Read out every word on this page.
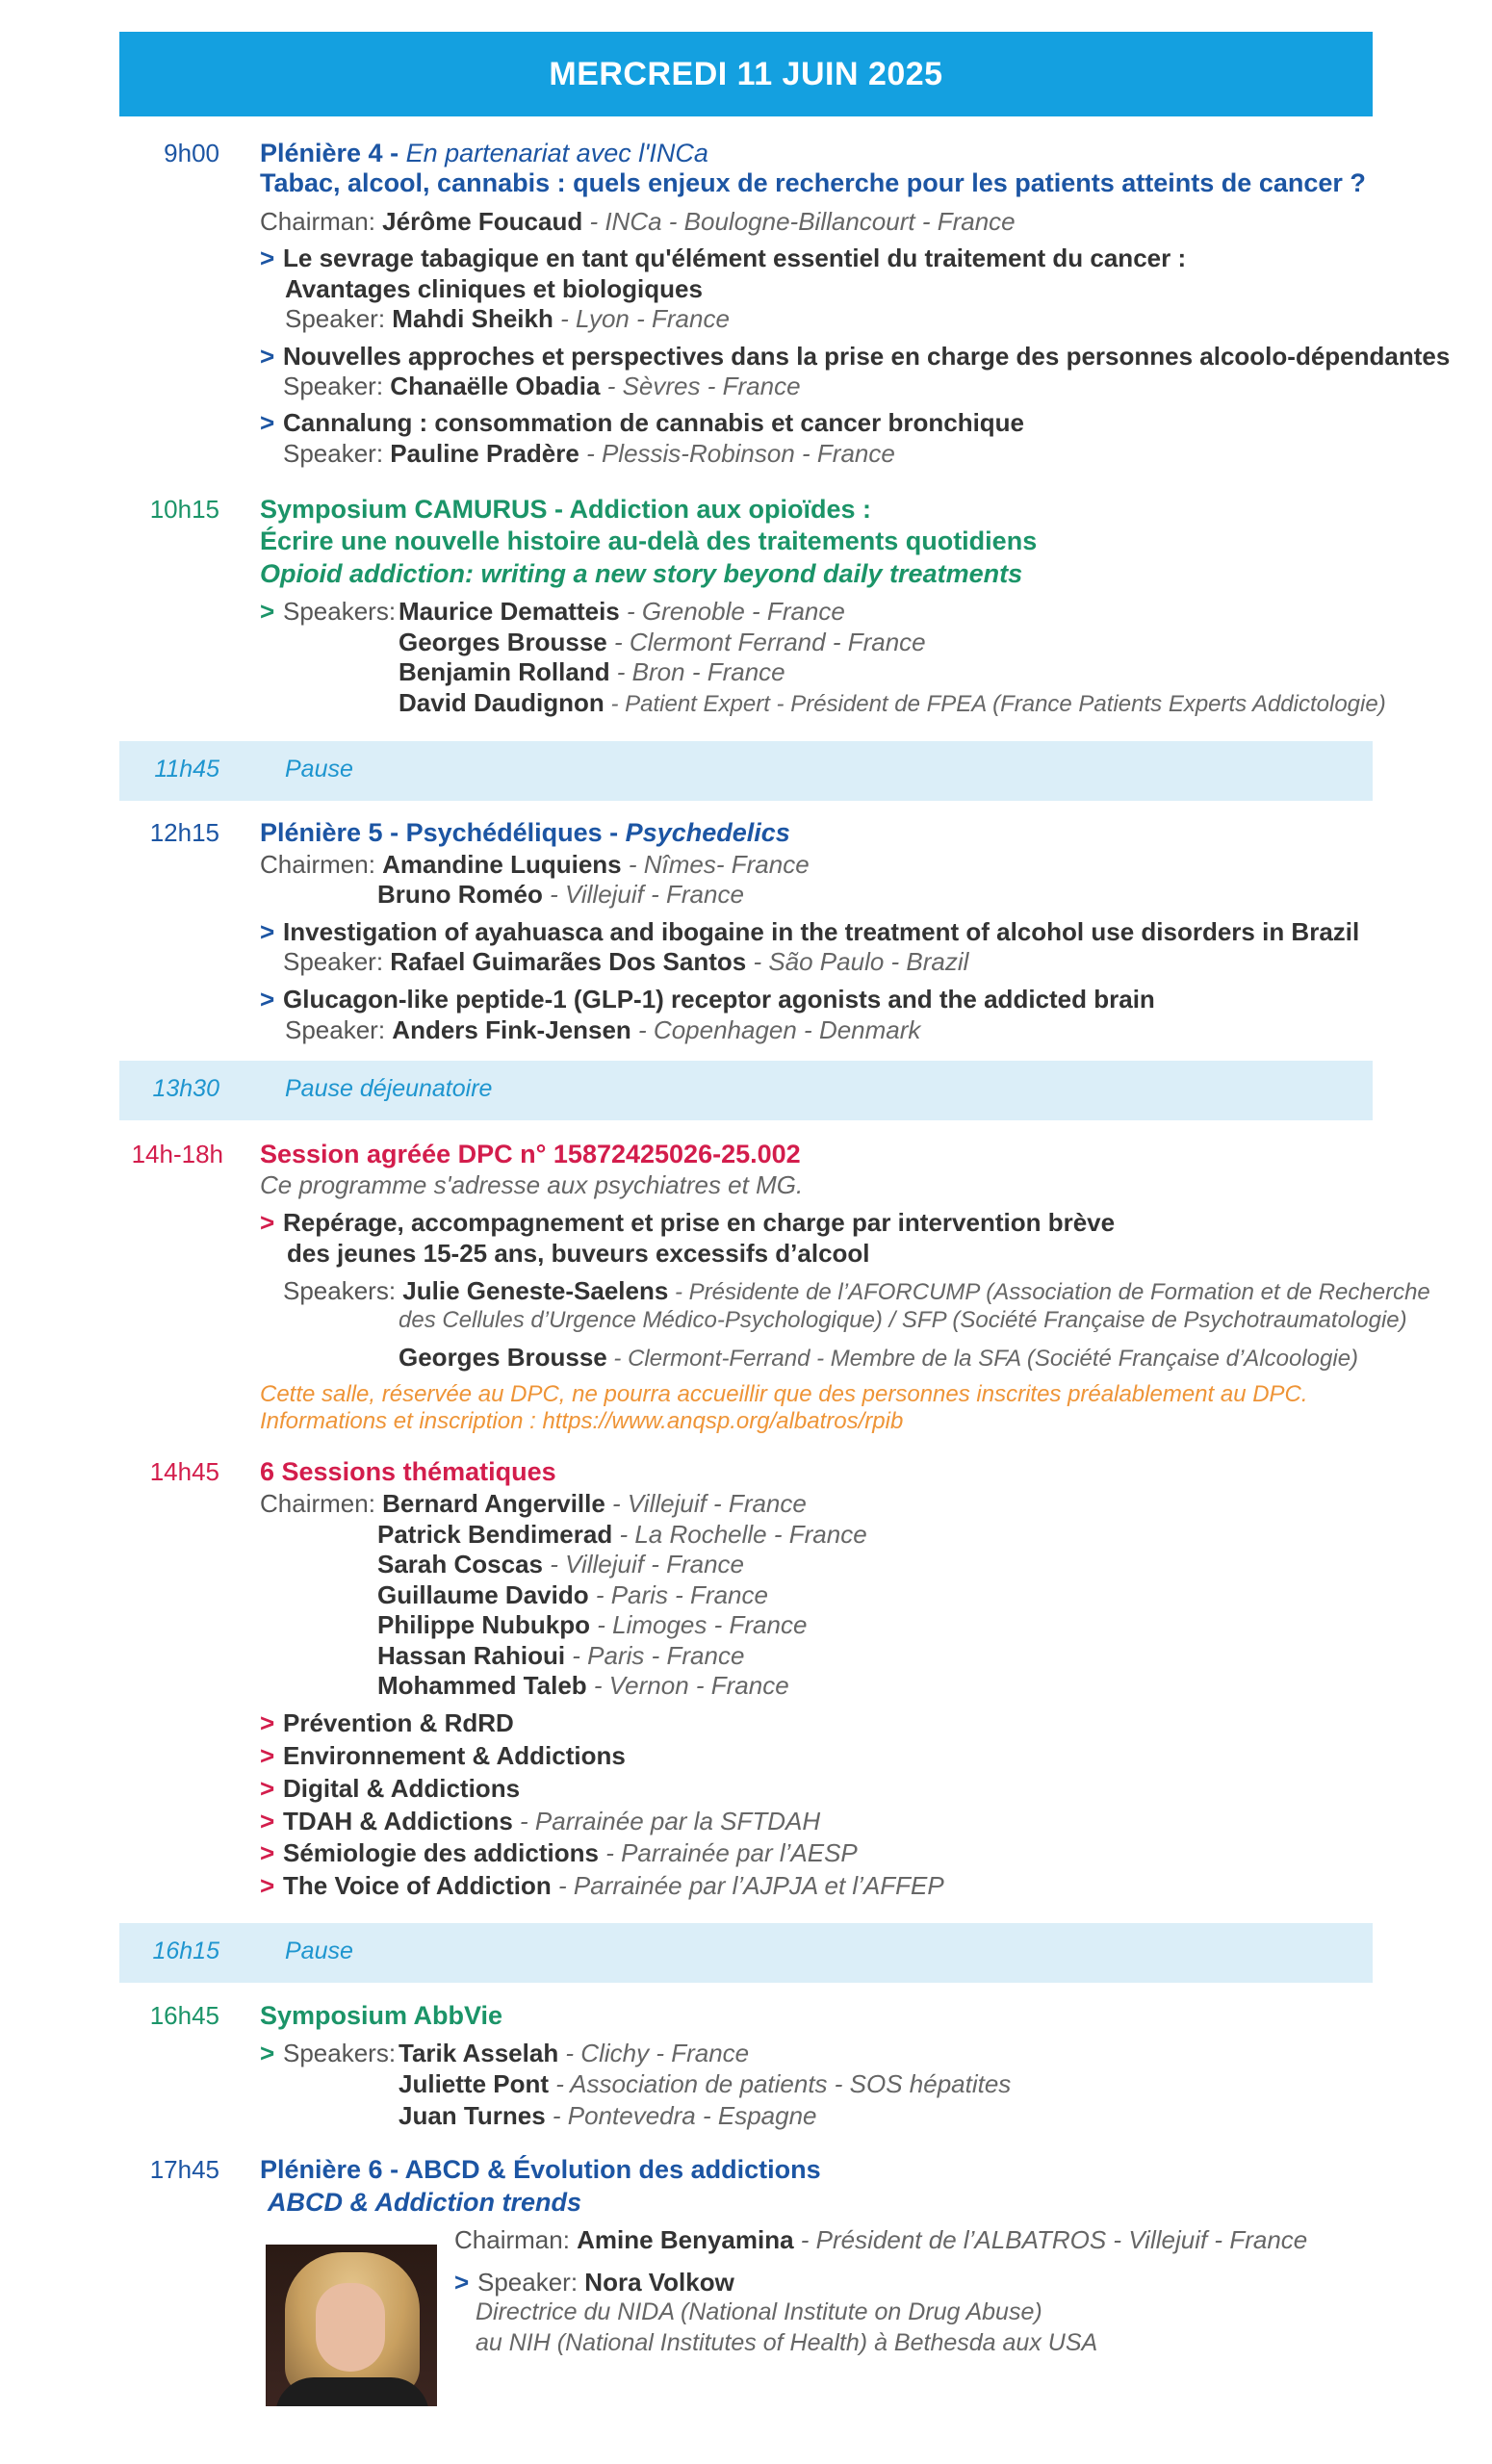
MERCREDI 11 JUIN 2025
9h00 Plénière 4 - En partenariat avec l'INCa
Tabac, alcool, cannabis : quels enjeux de recherche pour les patients atteints de cancer ?
Chairman: Jérôme Foucaud - INCa - Boulogne-Billancourt - France
> Le sevrage tabagique en tant qu'élément essentiel du traitement du cancer :
Avantages cliniques et biologiques
Speaker: Mahdi Sheikh - Lyon - France
> Nouvelles approches et perspectives dans la prise en charge des personnes alcoolo-dépendantes
Speaker: Chanaëlle Obadia - Sèvres - France
> Cannalung : consommation de cannabis et cancer bronchique
Speaker: Pauline Pradère - Plessis-Robinson - France
10h15 Symposium CAMURUS - Addiction aux opioïdes :
Écrire une nouvelle histoire au-delà des traitements quotidiens
Opioid addiction: writing a new story beyond daily treatments
> Speakers: Maurice Dematteis - Grenoble - France
Georges Brousse - Clermont Ferrand - France
Benjamin Rolland - Bron - France
David Daudignon - Patient Expert - Président de FPEA (France Patients Experts Addictologie)
11h45	Pause
12h15 Plénière 5 - Psychédéliques - Psychedelics
Chairmen: Amandine Luquiens - Nîmes- France
Bruno Roméo - Villejuif - France
> Investigation of ayahuasca and ibogaine in the treatment of alcohol use disorders in Brazil
Speaker: Rafael Guimarães Dos Santos - São Paulo - Brazil
> Glucagon-like peptide-1 (GLP-1) receptor agonists and the addicted brain
Speaker: Anders Fink-Jensen - Copenhagen - Denmark
13h30	Pause déjeunatoire
14h-18h Session agréée DPC n° 15872425026-25.002
Ce programme s'adresse aux psychiatres et MG.
> Repérage, accompagnement et prise en charge par intervention brève
des jeunes 15-25 ans, buveurs excessifs d’alcool
Speakers: Julie Geneste-Saelens - Présidente de l’AFORCUMP (Association de Formation et de Recherche
des Cellules d’Urgence Médico-Psychologique) / SFP (Société Française de Psychotraumatologie)
Georges Brousse - Clermont-Ferrand - Membre de la SFA (Société Française d’Alcoologie)
Cette salle, réservée au DPC, ne pourra accueillir que des personnes inscrites préalablement au DPC.
Informations et inscription : https://www.anqsp.org/albatros/rpib
14h45 6 Sessions thématiques
Chairmen: Bernard Angerville - Villejuif - France
Patrick Bendimerad - La Rochelle - France
Sarah Coscas - Villejuif - France
Guillaume Davido - Paris - France
Philippe Nubukpo - Limoges - France
Hassan Rahioui - Paris - France
Mohammed Taleb - Vernon - France
> Prévention & RdRD
> Environnement & Addictions
> Digital & Addictions
> TDAH & Addictions - Parrainée par la SFTDAH
> Sémiologie des addictions - Parrainée par l’AESP
> The Voice of Addiction - Parrainée par l’AJPJA et l’AFFEP
16h15	Pause
16h45 Symposium AbbVie
> Speakers: Tarik Asselah - Clichy - France
Juliette Pont - Association de patients - SOS hépatites
Juan Turnes - Pontevedra - Espagne
17h45 Plénière 6 - ABCD & Évolution des addictions
ABCD & Addiction trends
Chairman: Amine Benyamina - Président de l’ALBATROS - Villejuif - France
> Speaker: Nora Volkow
Directrice du NIDA (National Institute on Drug Abuse)
au NIH (National Institutes of Health) à Bethesda aux USA
